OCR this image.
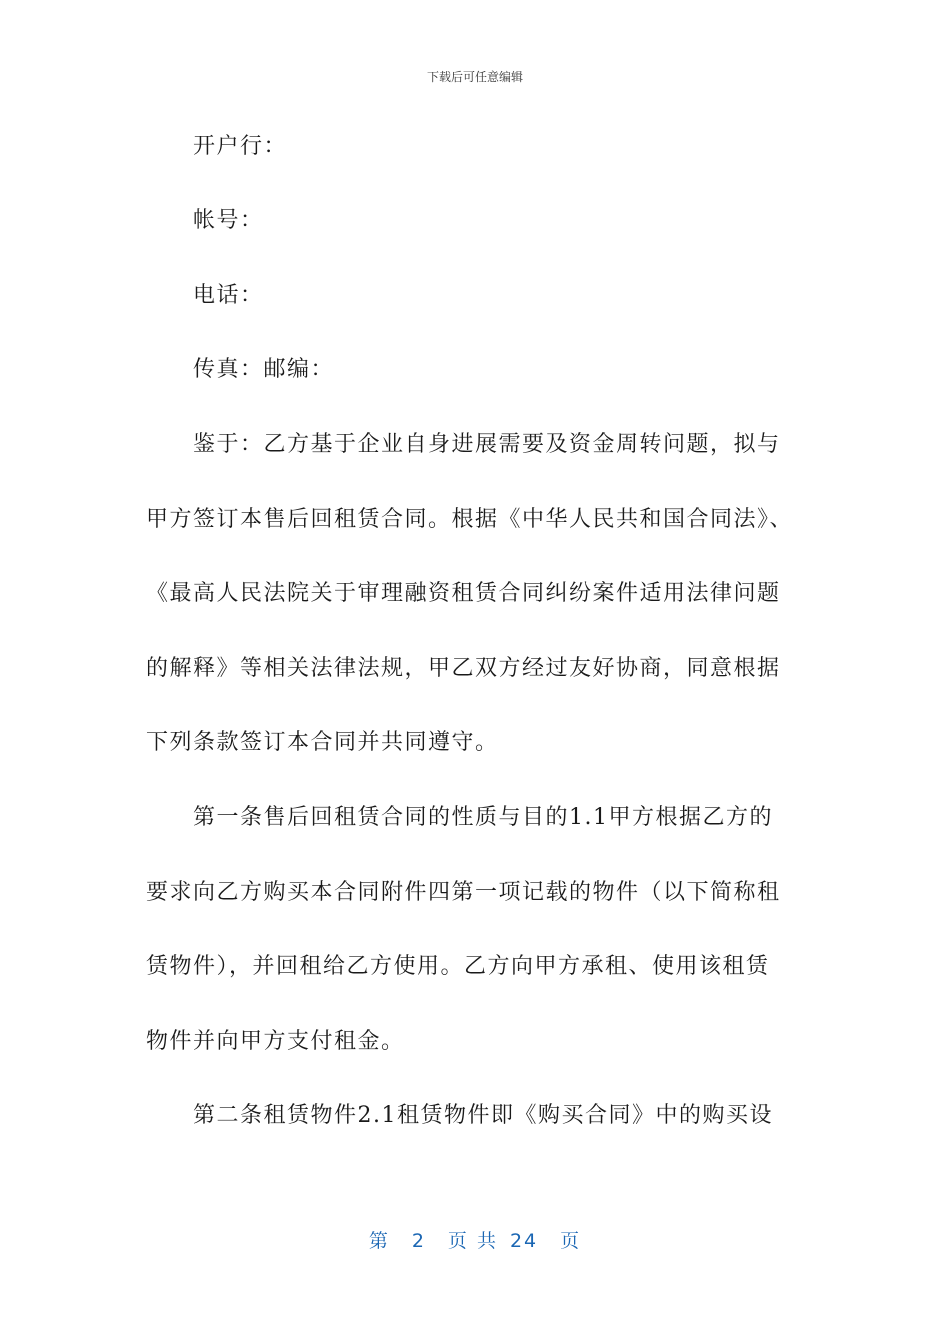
下载后可任意编辑
开户行：
帐号：
电话：
传真：邮编：
鉴于：乙方基于企业自身进展需要及资金周转问题，拟与
甲方签订本售后回租赁合同。根据《中华人民共和国合同法》、
《最高人民法院关于审理融资租赁合同纠纷案件适用法律问题
的解释》等相关法律法规，甲乙双方经过友好协商，同意根据
下列条款签订本合同并共同遵守。
第一条售后回租赁合同的性质与目的1.1甲方根据乙方的
要求向乙方购买本合同附件四第一项记载的物件（以下简称租
赁物件），并回租给乙方使用。乙方向甲方承租、使用该租赁
物件并向甲方支付租金。
第二条租赁物件2.1租赁物件即《购买合同》中的购买设
第 2 页 共 24 页
